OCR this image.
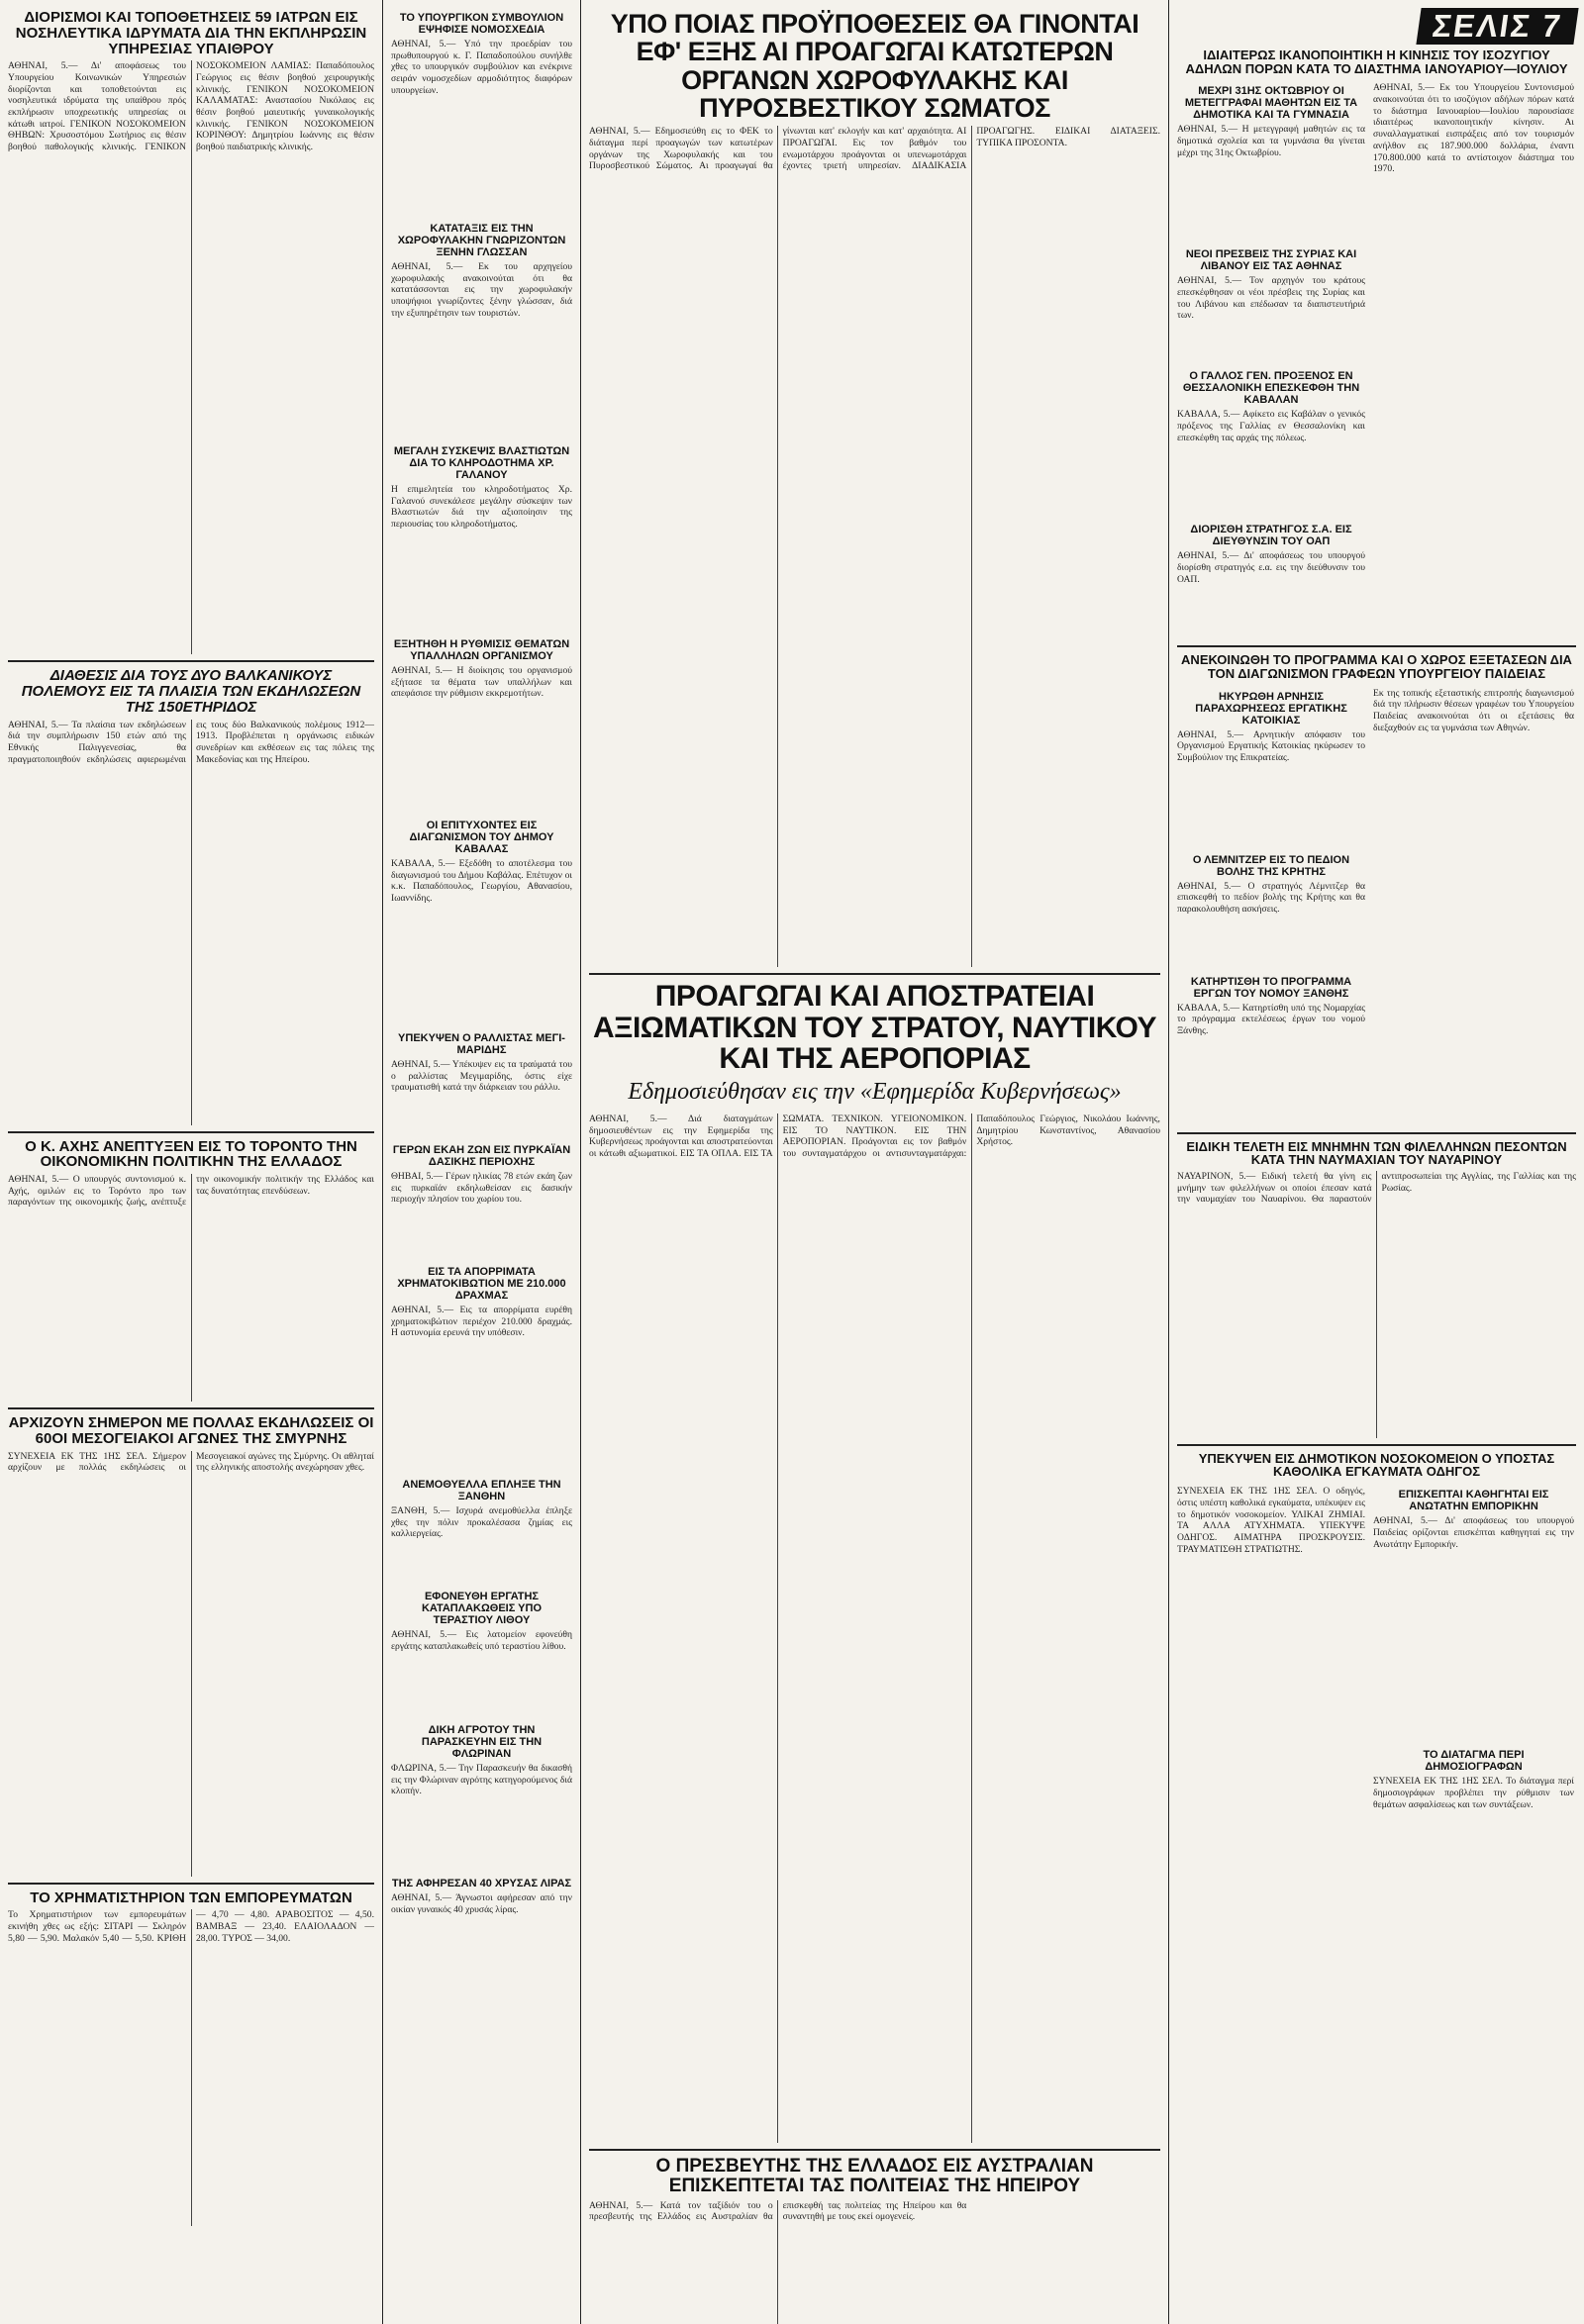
ΔΙΟΡΙΣΜΟΙ ΚΑΙ ΤΟΠΟΘΕΤΗΣΕΙΣ 59 ΙΑΤΡΩΝ ΕΙΣ ΝΟΣΗΛΕΥΤΙΚΑ ΙΔΡΥΜΑΤΑ ΔΙΑ ΤΗΝ ΕΚΠΛΗΡΩΣΙΝ ΥΠΗΡΕΣΙΑΣ ΥΠΑΙΘΡΟΥ
ΑΘΗΝΑΙ, 5.— Δι' αποφάσεως του Υπουργείου Κοινωνικών Υπηρεσιών διορίζονται και τοποθετούνται εις νοσηλευτικά ιδρύματα της υπαίθρου πρός εκπλήρωσιν υποχρεωτικής υπηρεσίας οι κάτωθι ιατροί. ΓΕΝΙΚΟΝ ΝΟΣΟΚΟΜΕΙΟΝ ΘΗΒΩΝ: Χρυσοστόμου Σωτήριος εις θέσιν βοηθού παθολογικής κλινικής. ΓΕΝΙΚΟΝ ΝΟΣΟΚΟΜΕΙΟΝ ΛΑΜΙΑΣ: Παπαδόπουλος Γεώργιος εις θέσιν βοηθού χειρουργικής κλινικής. ΓΕΝΙΚΟΝ ΝΟΣΟΚΟΜΕΙΟΝ ΚΑΛΑΜΑΤΑΣ: Αναστασίου Νικόλαος εις θέσιν βοηθού μαιευτικής γυναικολογικής κλινικής. ΓΕΝΙΚΟΝ ΝΟΣΟΚΟΜΕΙΟΝ ΚΟΡΙΝΘΟΥ: Δημητρίου Ιωάννης εις θέσιν βοηθού παιδιατρικής κλινικής.
ΔΙΑΘΕΣΙΣ ΔΙΑ ΤΟΥΣ ΔΥΟ ΒΑΛΚΑΝΙΚΟΥΣ ΠΟΛΕΜΟΥΣ ΕΙΣ ΤΑ ΠΛΑΙΣΙΑ ΤΩΝ ΕΚΔΗΛΩΣΕΩΝ ΤΗΣ 150ΕΤΗΡΙΔΟΣ
ΑΘΗΝΑΙ, 5.— Τα πλαίσια των εκδηλώσεων διά την συμπλήρωσιν 150 ετών από της Εθνικής Παλιγγενεσίας, θα πραγματοποιηθούν εκδηλώσεις αφιερωμέναι εις τους δύο Βαλκανικούς πολέμους 1912—1913. Προβλέπεται η οργάνωσις ειδικών συνεδρίων και εκθέσεων εις τας πόλεις της Μακεδονίας και της Ηπείρου.
Ο Κ. ΑΧΗΣ ΑΝΕΠΤΥΞΕΝ ΕΙΣ ΤΟ ΤΟΡΟΝΤΟ ΤΗΝ ΟΙΚΟΝΟΜΙΚΗΝ ΠΟΛΙΤΙΚΗΝ ΤΗΣ ΕΛΛΑΔΟΣ
ΑΘΗΝΑΙ, 5.— Ο υπουργός συντονισμού κ. Αχής, ομιλών εις το Τορόντο προ των παραγόντων της οικονομικής ζωής, ανέπτυξε την οικονομικήν πολιτικήν της Ελλάδος και τας δυνατότητας επενδύσεων.
ΑΡΧΙΖΟΥΝ ΣΗΜΕΡΟΝ ΜΕ ΠΟΛΛΑΣ ΕΚΔΗΛΩΣΕΙΣ ΟΙ 60ΟΙ ΜΕΣΟΓΕΙΑΚΟΙ ΑΓΩΝΕΣ ΤΗΣ ΣΜΥΡΝΗΣ
ΣΥΝΕΧΕΙΑ ΕΚ ΤΗΣ 1ΗΣ ΣΕΛ. Σήμερον αρχίζουν με πολλάς εκδηλώσεις οι Μεσογειακοί αγώνες της Σμύρνης. Οι αθληταί της ελληνικής αποστολής ανεχώρησαν χθες.
ΤΟ ΧΡΗΜΑΤΙΣΤΗΡΙΟΝ ΤΩΝ ΕΜΠΟΡΕΥΜΑΤΩΝ
Το Χρηματιστήριον των εμπορευμάτων εκινήθη χθες ως εξής: ΣΙΤΑΡΙ — Σκληρόν 5,80 — 5,90. Μαλακόν 5,40 — 5,50. ΚΡΙΘΗ — 4,70 — 4,80. ΑΡΑΒΟΣΙΤΟΣ — 4,50. ΒΑΜΒΑΞ — 23,40. ΕΛΑΙΟΛΑΔΟΝ — 28,00. ΤΥΡΟΣ — 34,00.
ΤΟ ΥΠΟΥΡΓΙΚΟΝ ΣΥΜΒΟΥΛΙΟΝ ΕΨΗΦΙΣΕ ΝΟΜΟΣΧΕΔΙΑ
ΑΘΗΝΑΙ, 5.— Υπό την προεδρίαν του πρωθυπουργού κ. Γ. Παπαδοπούλου συνήλθε χθες το υπουργικόν συμβούλιον και ενέκρινε σειράν νομοσχεδίων αρμοδιότητος διαφόρων υπουργείων.
ΚΑΤΑΤΑΞΙΣ ΕΙΣ ΤΗΝ ΧΩΡΟΦΥΛΑΚΗΝ ΓΝΩΡΙΖΟΝΤΩΝ ΞΕΝΗΝ ΓΛΩΣΣΑΝ
ΑΘΗΝΑΙ, 5.— Εκ του αρχηγείου χωροφυλακής ανακοινούται ότι θα κατατάσσονται εις την χωροφυλακήν υποψήφιοι γνωρίζοντες ξένην γλώσσαν, διά την εξυπηρέτησιν των τουριστών.
ΜΕΓΑΛΗ ΣΥΣΚΕΨΙΣ ΒΛΑΣΤΙΩΤΩΝ ΔΙΑ ΤΟ ΚΛΗΡΟΔΟΤΗΜΑ ΧΡ. ΓΑΛΑΝΟΥ
Η επιμελητεία του κληροδοτήματος Χρ. Γαλανού συνεκάλεσε μεγάλην σύσκεψιν των Βλαστιωτών διά την αξιοποίησιν της περιουσίας του κληροδοτήματος.
ΕΞΗΤΗΘΗ Η ΡΥΘΜΙΣΙΣ ΘΕΜΑΤΩΝ ΥΠΑΛΛΗΛΩΝ ΟΡΓΑΝΙΣΜΟΥ
ΑΘΗΝΑΙ, 5.— Η διοίκησις του οργανισμού εξήτασε τα θέματα των υπαλλήλων και απεφάσισε την ρύθμισιν εκκρεμοτήτων.
ΟΙ ΕΠΙΤΥΧΟΝΤΕΣ ΕΙΣ ΔΙΑΓΩΝΙΣΜΟΝ ΤΟΥ ΔΗΜΟΥ ΚΑΒΑΛΑΣ
ΚΑΒΑΛΑ, 5.— Εξεδόθη το αποτέλεσμα του διαγωνισμού του Δήμου Καβάλας. Επέτυχον οι κ.κ. Παπαδόπουλος, Γεωργίου, Αθανασίου, Ιωαννίδης.
ΥΠΕΚΥΨΕΝ Ο ΡΑΛΛΙΣΤΑΣ ΜΕΓΙ-ΜΑΡΙΔΗΣ
ΑΘΗΝΑΙ, 5.— Υπέκυψεν εις τα τραύματά του ο ραλλίστας Μεγιμαρίδης, όστις είχε τραυματισθή κατά την διάρκειαν του ράλλυ.
ΓΕΡΩΝ ΕΚΑΗ ΖΩΝ ΕΙΣ ΠΥΡΚΑΪΑΝ ΔΑΣΙΚΗΣ ΠΕΡΙΟΧΗΣ
ΘΗΒΑΙ, 5.— Γέρων ηλικίας 78 ετών εκάη ζων εις πυρκαϊάν εκδηλωθείσαν εις δασικήν περιοχήν πλησίον του χωρίου του.
ΕΙΣ ΤΑ ΑΠΟΡΡΙΜΑΤΑ ΧΡΗΜΑΤΟΚΙΒΩΤΙΟΝ ΜΕ 210.000 ΔΡΑΧΜΑΣ
ΑΘΗΝΑΙ, 5.— Εις τα απορρίματα ευρέθη χρηματοκιβώτιον περιέχον 210.000 δραχμάς. Η αστυνομία ερευνά την υπόθεσιν.
ΑΝΕΜΟΘΥΕΛΛΑ ΕΠΛΗΞΕ ΤΗΝ ΞΑΝΘΗΝ
ΞΑΝΘΗ, 5.— Ισχυρά ανεμοθύελλα έπληξε χθες την πόλιν προκαλέσασα ζημίας εις καλλιεργείας.
ΕΦΟΝΕΥΘΗ ΕΡΓΑΤΗΣ ΚΑΤΑΠΛΑΚΩΘΕΙΣ ΥΠΟ ΤΕΡΑΣΤΙΟΥ ΛΙΘΟΥ
ΑΘΗΝΑΙ, 5.— Εις λατομείον εφονεύθη εργάτης καταπλακωθείς υπό τεραστίου λίθου.
ΔΙΚΗ ΑΓΡΟΤΟΥ ΤΗΝ ΠΑΡΑΣΚΕΥΗΝ ΕΙΣ ΤΗΝ ΦΛΩΡΙΝΑΝ
ΦΛΩΡΙΝΑ, 5.— Την Παρασκευήν θα δικασθή εις την Φλώριναν αγρότης κατηγορούμενος διά κλοπήν.
ΤΗΣ ΑΦΗΡΕΣΑΝ 40 ΧΡΥΣΑΣ ΛΙΡΑΣ
ΑΘΗΝΑΙ, 5.— Άγνωστοι αφήρεσαν από την οικίαν γυναικός 40 χρυσάς λίρας.
ΥΠΟ ΠΟΙΑΣ ΠΡΟΫΠΟΘΕΣΕΙΣ ΘΑ ΓΙΝΟΝΤΑΙ ΕΦ' ΕΞΗΣ ΑΙ ΠΡΟΑΓΩΓΑΙ ΚΑΤΩΤΕΡΩΝ ΟΡΓΑΝΩΝ ΧΩΡΟΦΥΛΑΚΗΣ ΚΑΙ ΠΥΡΟΣΒΕΣΤΙΚΟΥ ΣΩΜΑΤΟΣ
ΑΘΗΝΑΙ, 5.— Εδημοσιεύθη εις το ΦΕΚ το διάταγμα περί προαγωγών των κατωτέρων οργάνων της Χωροφυλακής και του Πυροσβεστικού Σώματος. Αι προαγωγαί θα γίνωνται κατ' εκλογήν και κατ' αρχαιότητα. ΑΙ ΠΡΟΑΓΩΓΑΙ. Εις τον βαθμόν του ενωμοτάρχου προάγονται οι υπενωμοτάρχαι έχοντες τριετή υπηρεσίαν. ΔΙΑΔΙΚΑΣΙΑ ΠΡΟΑΓΩΓΗΣ. ΕΙΔΙΚΑΙ ΔΙΑΤΑΞΕΙΣ. ΤΥΠΙΚΑ ΠΡΟΣΟΝΤΑ.
ΠΡΟΑΓΩΓΑΙ ΚΑΙ ΑΠΟΣΤΡΑΤΕΙΑΙ ΑΞΙΩΜΑΤΙΚΩΝ ΤΟΥ ΣΤΡΑΤΟΥ, ΝΑΥΤΙΚΟΥ ΚΑΙ ΤΗΣ ΑΕΡΟΠΟΡΙΑΣ
Εδημοσιεύθησαν εις την «Εφημερίδα Κυβερνήσεως»
ΑΘΗΝΑΙ, 5.— Διά διαταγμάτων δημοσιευθέντων εις την Εφημερίδα της Κυβερνήσεως προάγονται και αποστρατεύονται οι κάτωθι αξιωματικοί. ΕΙΣ ΤΑ ΟΠΛΑ. ΕΙΣ ΤΑ ΣΩΜΑΤΑ. ΤΕΧΝΙΚΟΝ. ΥΓΕΙΟΝΟΜΙΚΟΝ. ΕΙΣ ΤΟ ΝΑΥΤΙΚΟΝ. ΕΙΣ ΤΗΝ ΑΕΡΟΠΟΡΙΑΝ. Προάγονται εις τον βαθμόν του συνταγματάρχου οι αντισυνταγματάρχαι: Παπαδόπουλος Γεώργιος, Νικολάου Ιωάννης, Δημητρίου Κωνσταντίνος, Αθανασίου Χρήστος.
Ο ΠΡΕΣΒΕΥΤΗΣ ΤΗΣ ΕΛΛΑΔΟΣ ΕΙΣ ΑΥΣΤΡΑΛΙΑΝ ΕΠΙΣΚΕΠΤΕΤΑΙ ΤΑΣ ΠΟΛΙΤΕΙΑΣ ΤΗΣ ΗΠΕΙΡΟΥ
ΑΘΗΝΑΙ, 5.— Κατά τον ταξίδιόν του ο πρεσβευτής της Ελλάδος εις Αυστραλίαν θα επισκεφθή τας πολιτείας της Ηπείρου και θα συναντηθή με τους εκεί ομογενείς.
ΣΕΛΙΣ 7
ΙΔΙΑΙΤΕΡΩΣ ΙΚΑΝΟΠΟΙΗΤΙΚΗ Η ΚΙΝΗΣΙΣ ΤΟΥ ΙΣΟΖΥΓΙΟΥ ΑΔΗΛΩΝ ΠΟΡΩΝ ΚΑΤΑ ΤΟ ΔΙΑΣΤΗΜΑ ΙΑΝΟΥΑΡΙΟΥ—ΙΟΥΛΙΟΥ
ΜΕΧΡΙ 31ΗΣ ΟΚΤΩΒΡΙΟΥ ΟΙ ΜΕΤΕΓΓΡΑΦΑΙ ΜΑΘΗΤΩΝ ΕΙΣ ΤΑ ΔΗΜΟΤΙΚΑ ΚΑΙ ΤΑ ΓΥΜΝΑΣΙΑ
ΑΘΗΝΑΙ, 5.— Η μετεγγραφή μαθητών εις τα δημοτικά σχολεία και τα γυμνάσια θα γίνεται μέχρι της 31ης Οκτωβρίου.
ΝΕΟΙ ΠΡΕΣΒΕΙΣ ΤΗΣ ΣΥΡΙΑΣ ΚΑΙ ΛΙΒΑΝΟΥ ΕΙΣ ΤΑΣ ΑΘΗΝΑΣ
ΑΘΗΝΑΙ, 5.— Τον αρχηγόν του κράτους επεσκέφθησαν οι νέοι πρέσβεις της Συρίας και του Λιβάνου και επέδωσαν τα διαπιστευτήριά των.
Ο ΓΑΛΛΟΣ ΓΕΝ. ΠΡΟΞΕΝΟΣ ΕΝ ΘΕΣΣΑΛΟΝΙΚΗ ΕΠΕΣΚΕΦΘΗ ΤΗΝ ΚΑΒΑΛΑΝ
ΚΑΒΑΛΑ, 5.— Αφίκετο εις Καβάλαν ο γενικός πρόξενος της Γαλλίας εν Θεσσαλονίκη και επεσκέφθη τας αρχάς της πόλεως.
ΔΙΟΡΙΣΘΗ ΣΤΡΑΤΗΓΟΣ Σ.Α. ΕΙΣ ΔΙΕΥΘΥΝΣΙΝ ΤΟΥ ΟΑΠ
ΑΘΗΝΑΙ, 5.— Δι' αποφάσεως του υπουργού διορίσθη στρατηγός ε.α. εις την διεύθυνσιν του ΟΑΠ.
ΑΘΗΝΑΙ, 5.— Εκ του Υπουργείου Συντονισμού ανακοινούται ότι το ισοζύγιον αδήλων πόρων κατά το διάστημα Ιανουαρίου—Ιουλίου παρουσίασε ιδιαιτέρως ικανοποιητικήν κίνησιν. Αι συναλλαγματικαί εισπράξεις από τον τουρισμόν ανήλθον εις 187.900.000 δολλάρια, έναντι 170.800.000 κατά το αντίστοιχον διάστημα του 1970.
ΑΝΕΚΟΙΝΩΘΗ ΤΟ ΠΡΟΓΡΑΜΜΑ ΚΑΙ Ο ΧΩΡΟΣ ΕΞΕΤΑΣΕΩΝ ΔΙΑ ΤΟΝ ΔΙΑΓΩΝΙΣΜΟΝ ΓΡΑΦΕΩΝ ΥΠΟΥΡΓΕΙΟΥ ΠΑΙΔΕΙΑΣ
ΗΚΥΡΩΘΗ ΑΡΝΗΣΙΣ ΠΑΡΑΧΩΡΗΣΕΩΣ ΕΡΓΑΤΙΚΗΣ ΚΑΤΟΙΚΙΑΣ
ΑΘΗΝΑΙ, 5.— Αρνητικήν απόφασιν του Οργανισμού Εργατικής Κατοικίας ηκύρωσεν το Συμβούλιον της Επικρατείας.
Ο ΛΕΜΝΙΤΖΕΡ ΕΙΣ ΤΟ ΠΕΔΙΟΝ ΒΟΛΗΣ ΤΗΣ ΚΡΗΤΗΣ
ΑΘΗΝΑΙ, 5.— Ο στρατηγός Λέμνιτζερ θα επισκεφθή το πεδίον βολής της Κρήτης και θα παρακολουθήση ασκήσεις.
ΚΑΤΗΡΤΙΣΘΗ ΤΟ ΠΡΟΓΡΑΜΜΑ ΕΡΓΩΝ ΤΟΥ ΝΟΜΟΥ ΞΑΝΘΗΣ
ΚΑΒΑΛΑ, 5.— Κατηρτίσθη υπό της Νομαρχίας το πρόγραμμα εκτελέσεως έργων του νομού Ξάνθης.
Εκ της τοπικής εξεταστικής επιτροπής διαγωνισμού διά την πλήρωσιν θέσεων γραφέων του Υπουργείου Παιδείας ανακοινούται ότι οι εξετάσεις θα διεξαχθούν εις τα γυμνάσια των Αθηνών.
ΕΙΔΙΚΗ ΤΕΛΕΤΗ ΕΙΣ ΜΝΗΜΗΝ ΤΩΝ ΦΙΛΕΛΛΗΝΩΝ ΠΕΣΟΝΤΩΝ ΚΑΤΑ ΤΗΝ ΝΑΥΜΑΧΙΑΝ ΤΟΥ ΝΑΥΑΡΙΝΟΥ
ΝΑΥΑΡΙΝΟΝ, 5.— Ειδική τελετή θα γίνη εις μνήμην των φιλελλήνων οι οποίοι έπεσαν κατά την ναυμαχίαν του Ναυαρίνου. Θα παραστούν αντιπροσωπείαι της Αγγλίας, της Γαλλίας και της Ρωσίας.
ΥΠΕΚΥΨΕΝ ΕΙΣ ΔΗΜΟΤΙΚΟΝ ΝΟΣΟΚΟΜΕΙΟΝ Ο ΥΠΟΣΤΑΣ ΚΑΘΟΛΙΚΑ ΕΓΚΑΥΜΑΤΑ ΟΔΗΓΟΣ
ΣΥΝΕΧΕΙΑ ΕΚ ΤΗΣ 1ΗΣ ΣΕΛ. Ο οδηγός, όστις υπέστη καθολικά εγκαύματα, υπέκυψεν εις το δημοτικόν νοσοκομείον. ΥΛΙΚΑΙ ΖΗΜΙΑΙ. ΤΑ ΑΛΛΑ ΑΤΥΧΗΜΑΤΑ. ΥΠΕΚΥΨΕ ΟΔΗΓΟΣ. ΑΙΜΑΤΗΡΑ ΠΡΟΣΚΡΟΥΣΙΣ. ΤΡΑΥΜΑΤΙΣΘΗ ΣΤΡΑΤΙΩΤΗΣ.
ΕΠΙΣΚΕΠΤΑΙ ΚΑΘΗΓΗΤΑΙ ΕΙΣ ΑΝΩΤΑΤΗΝ ΕΜΠΟΡΙΚΗΝ
ΑΘΗΝΑΙ, 5.— Δι' αποφάσεως του υπουργού Παιδείας ορίζονται επισκέπται καθηγηταί εις την Ανωτάτην Εμπορικήν.
ΤΟ ΔΙΑΤΑΓΜΑ ΠΕΡΙ ΔΗΜΟΣΙΟΓΡΑΦΩΝ
ΣΥΝΕΧΕΙΑ ΕΚ ΤΗΣ 1ΗΣ ΣΕΛ. Το διάταγμα περί δημοσιογράφων προβλέπει την ρύθμισιν των θεμάτων ασφαλίσεως και των συντάξεων.
